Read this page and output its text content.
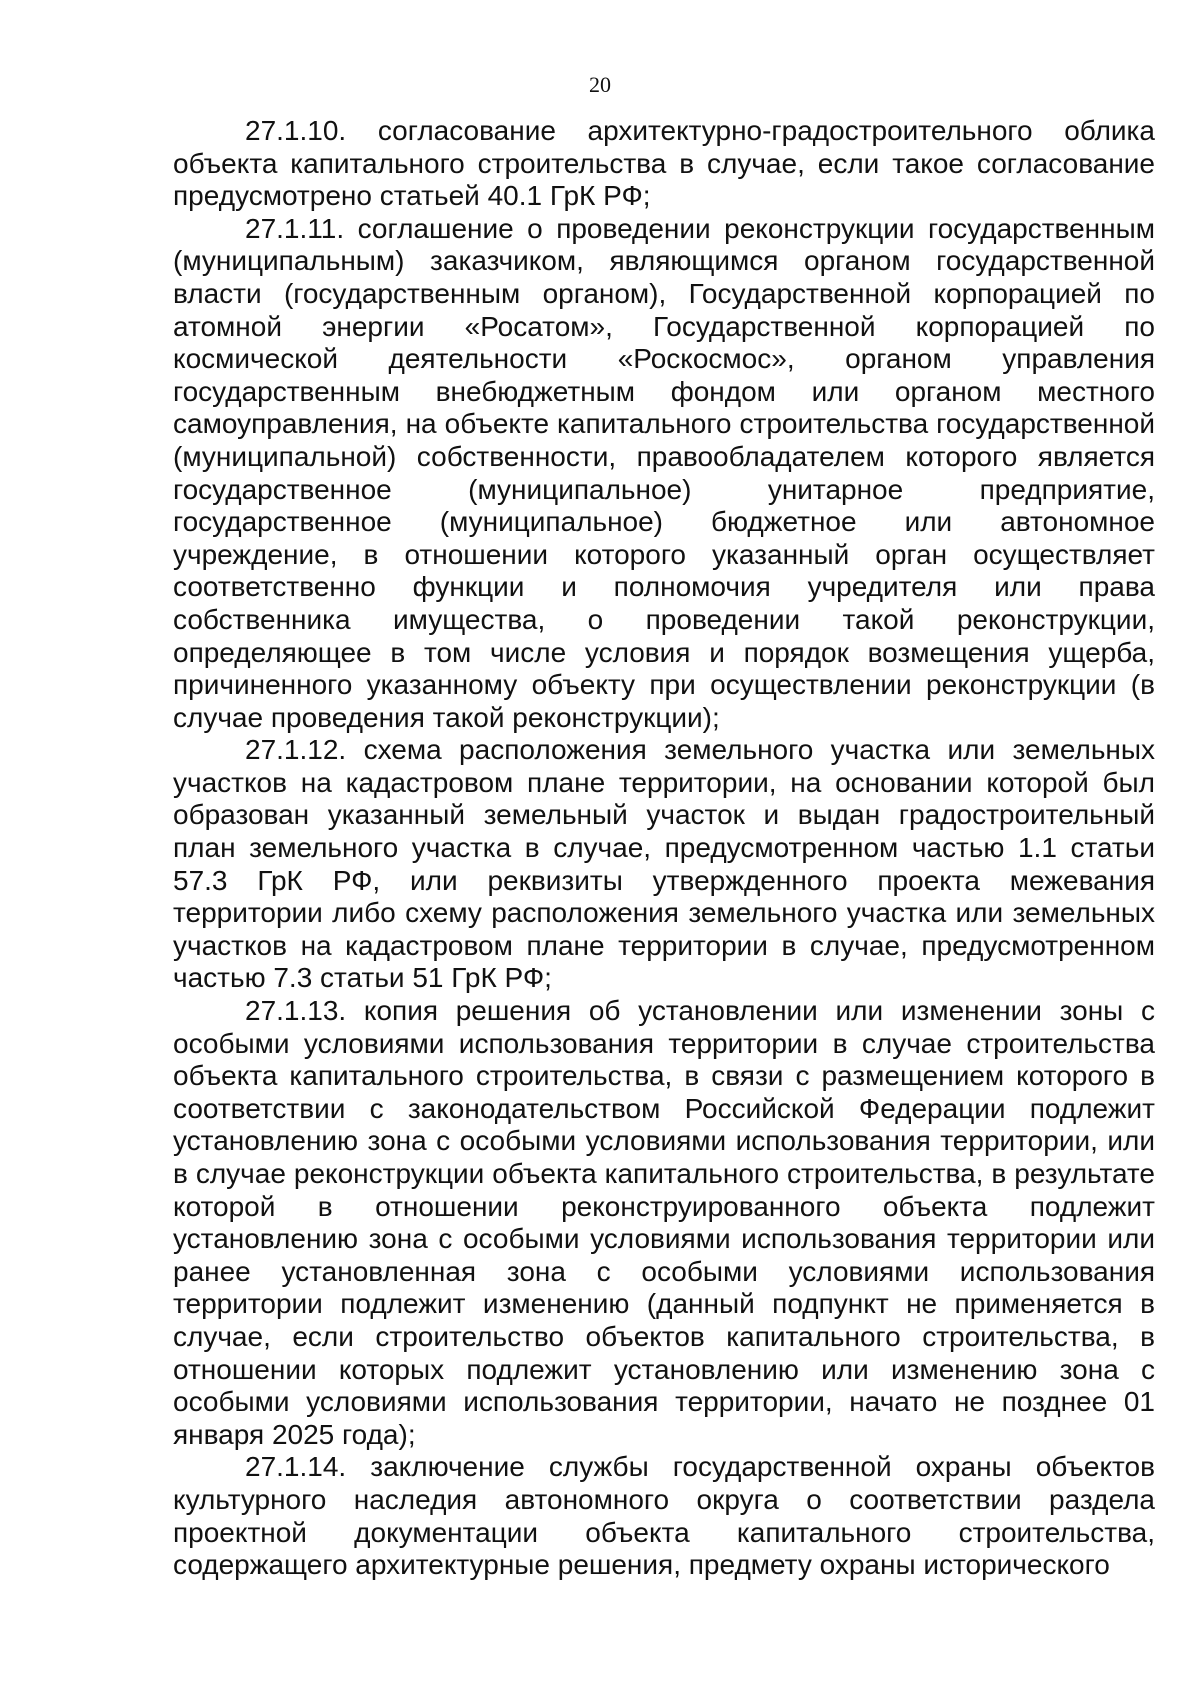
20

27.1.10. согласование архитектурно-градостроительного облика объекта капитального строительства в случае, если такое согласование предусмотрено статьей 40.1 ГрК РФ;

27.1.11. соглашение о проведении реконструкции государственным (муниципальным) заказчиком, являющимся органом государственной власти (государственным органом), Государственной корпорацией по атомной энергии «Росатом», Государственной корпорацией по космической деятельности «Роскосмос», органом управления государственным внебюджетным фондом или органом местного самоуправления, на объекте капитального строительства государственной (муниципальной) собственности, правообладателем которого является государственное (муниципальное) унитарное предприятие, государственное (муниципальное) бюджетное или автономное учреждение, в отношении которого указанный орган осуществляет соответственно функции и полномочия учредителя или права собственника имущества, о проведении такой реконструкции, определяющее в том числе условия и порядок возмещения ущерба, причиненного указанному объекту при осуществлении реконструкции (в случае проведения такой реконструкции);

27.1.12. схема расположения земельного участка или земельных участков на кадастровом плане территории, на основании которой был образован указанный земельный участок и выдан градостроительный план земельного участка в случае, предусмотренном частью 1.1 статьи 57.3 ГрК РФ, или реквизиты утвержденного проекта межевания территории либо схему расположения земельного участка или земельных участков на кадастровом плане территории в случае, предусмотренном частью 7.3 статьи 51 ГрК РФ;

27.1.13. копия решения об установлении или изменении зоны с особыми условиями использования территории в случае строительства объекта капитального строительства, в связи с размещением которого в соответствии с законодательством Российской Федерации подлежит установлению зона с особыми условиями использования территории, или в случае реконструкции объекта капитального строительства, в результате которой в отношении реконструированного объекта подлежит установлению зона с особыми условиями использования территории или ранее установленная зона с особыми условиями использования территории подлежит изменению (данный подпункт не применяется в случае, если строительство объектов капитального строительства, в отношении которых подлежит установлению или изменению зона с особыми условиями использования территории, начато не позднее 01 января 2025 года);

27.1.14. заключение службы государственной охраны объектов культурного наследия автономного округа о соответствии раздела проектной документации объекта капитального строительства, содержащего архитектурные решения, предмету охраны исторического
